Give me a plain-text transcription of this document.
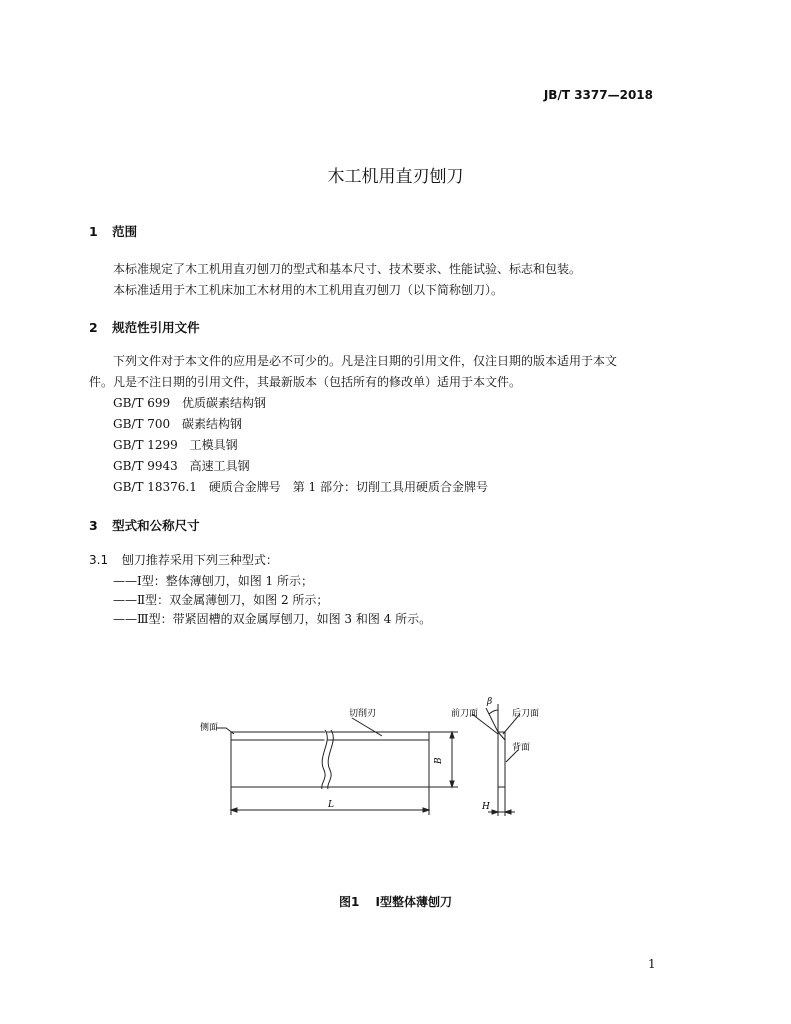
JB/T 3377—2018
木工机用直刃刨刀
1 范围
本标准规定了木工机用直刃刨刀的型式和基本尺寸、技术要求、性能试验、标志和包装。
本标准适用于木工机床加工木材用的木工机用直刃刨刀（以下简称刨刀）。
2 规范性引用文件
下列文件对于本文件的应用是必不可少的。凡是注日期的引用文件，仅注日期的版本适用于本文
件。凡是不注日期的引用文件，其最新版本（包括所有的修改单）适用于本文件。
GB/T 699 优质碳素结构钢
GB/T 700 碳素结构钢
GB/T 1299 工模具钢
GB/T 9943 高速工具钢
GB/T 18376.1 硬质合金牌号　第 1 部分：切削工具用硬质合金牌号
3 型式和公称尺寸
3.1 刨刀推荐采用下列三种型式：
——Ⅰ型：整体薄刨刀，如图 1 所示；
——Ⅱ型：双金属薄刨刀，如图 2 所示；
——Ⅲ型：带紧固槽的双金属厚刨刀，如图 3 和图 4 所示。
侧面
切削刃	前刀面	后刀面
背面
β
B
L	H
图1 Ⅰ型整体薄刨刀
1
